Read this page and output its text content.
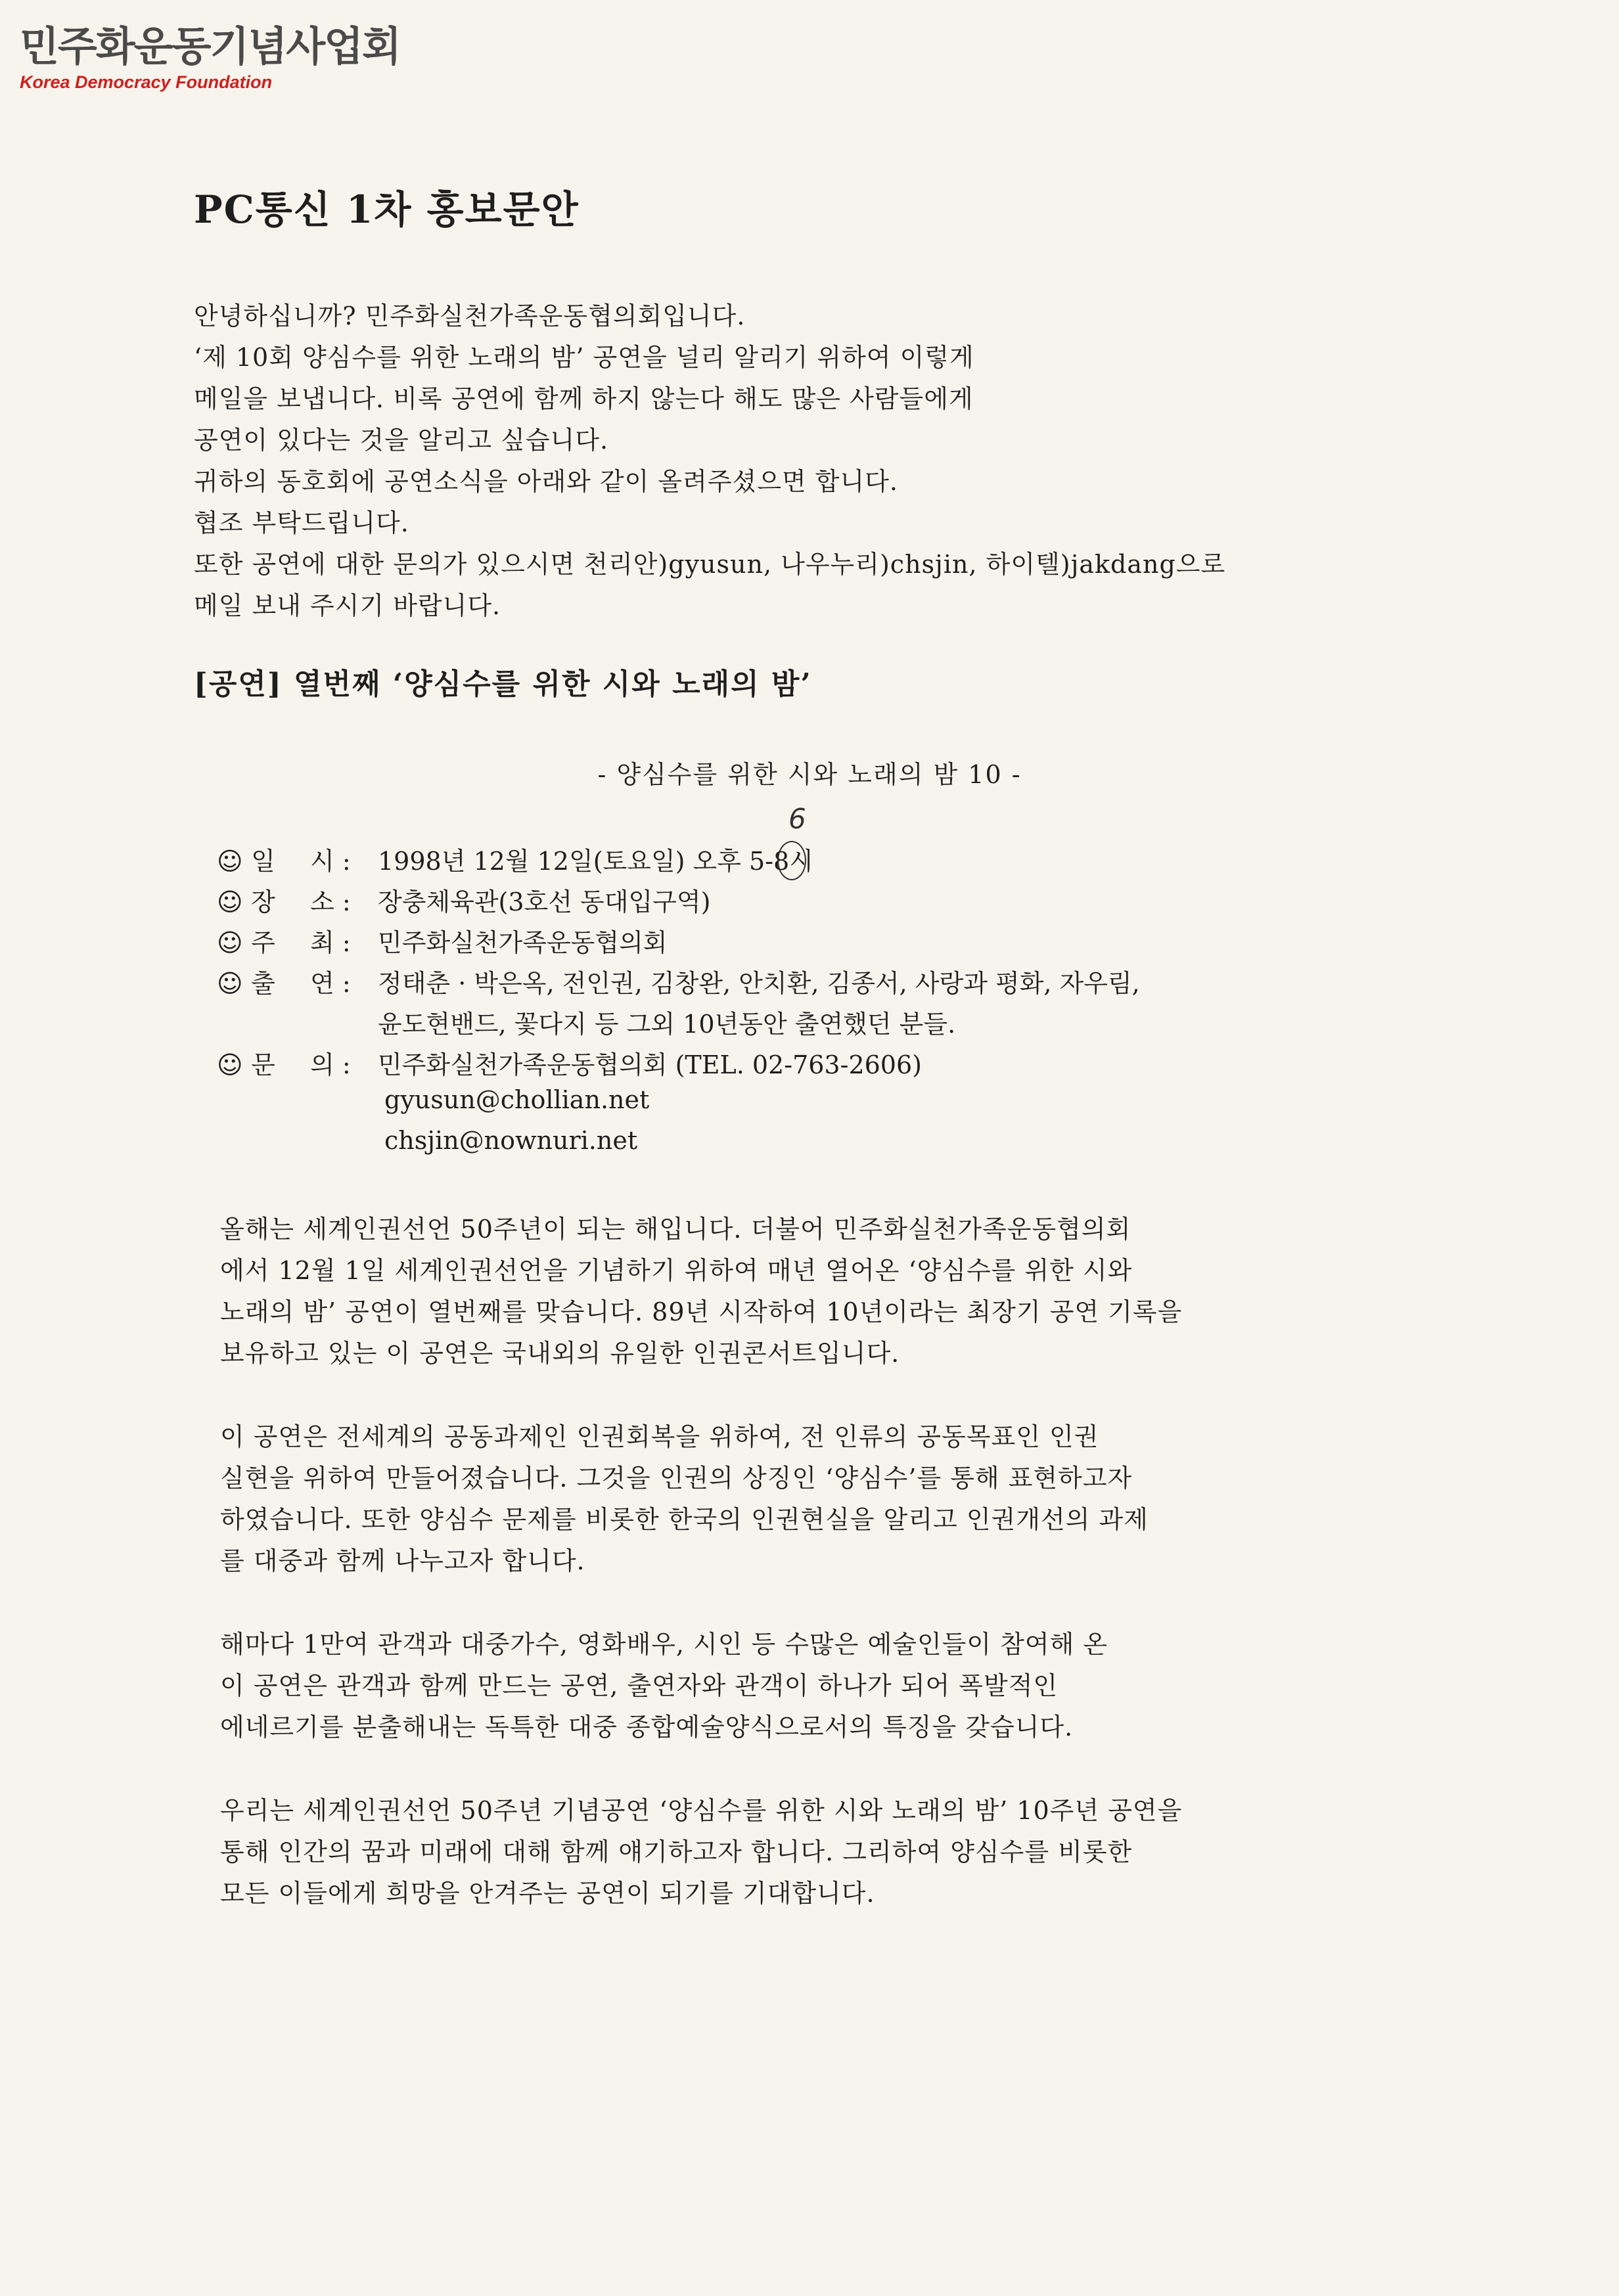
민주화운동기념사업회
Korea Democracy Foundation
PC통신 1차 홍보문안

안녕하십니까? 민주화실천가족운동협의회입니다.

‘제 10회 양심수를 위한 노래의 밤’ 공연을 널리 알리기 위하여 이렇게

메일을 보냅니다. 비록 공연에 함께 하지 않는다 해도 많은 사람들에게

공연이 있다는 것을 알리고 싶습니다.

귀하의 동호회에 공연소식을 아래와 같이 올려주셨으면 합니다.

협조 부탁드립니다.

또한 공연에 대한 문의가 있으시면 천리안)gyusun, 나우누리)chsjin, 하이텔)jakdang으로

메일 보내 주시기 바랍니다.

[공연] 열번째 ‘양심수를 위한 시와 노래의 밤’
- 양심수를 위한 시와 노래의 밤 10 -
6
☺ 일 시 :	1998년 12월 12일(토요일) 오후 5-8시
☺ 장 소 :	장충체육관(3호선 동대입구역)
☺ 주 최 :	민주화실천가족운동협의회
☺ 출 연 :	정태춘 · 박은옥, 전인권, 김창완, 안치환, 김종서, 사랑과 평화, 자우림,
윤도현밴드, 꽃다지 등 그외 10년동안 출연했던 분들.
☺ 문 의 :	민주화실천가족운동협의회 (TEL. 02-763-2606)
gyusun@chollian.net
chsjin@nownuri.net

올해는 세계인권선언 50주년이 되는 해입니다. 더불어 민주화실천가족운동협의회

에서 12월 1일 세계인권선언을 기념하기 위하여 매년 열어온 ‘양심수를 위한 시와

노래의 밤’ 공연이 열번째를 맞습니다. 89년 시작하여 10년이라는 최장기 공연 기록을

보유하고 있는 이 공연은 국내외의 유일한 인권콘서트입니다.

이 공연은 전세계의 공동과제인 인권회복을 위하여, 전 인류의 공동목표인 인권

실현을 위하여 만들어졌습니다. 그것을 인권의 상징인 ‘양심수’를 통해 표현하고자

하였습니다. 또한 양심수 문제를 비롯한 한국의 인권현실을 알리고 인권개선의 과제

를 대중과 함께 나누고자 합니다.

해마다 1만여 관객과 대중가수, 영화배우, 시인 등 수많은 예술인들이 참여해 온

이 공연은 관객과 함께 만드는 공연, 출연자와 관객이 하나가 되어 폭발적인

에네르기를 분출해내는 독특한 대중 종합예술양식으로서의 특징을 갖습니다.

우리는 세계인권선언 50주년 기념공연 ‘양심수를 위한 시와 노래의 밤’ 10주년 공연을

통해 인간의 꿈과 미래에 대해 함께 얘기하고자 합니다. 그리하여 양심수를 비롯한

모든 이들에게 희망을 안겨주는 공연이 되기를 기대합니다.
